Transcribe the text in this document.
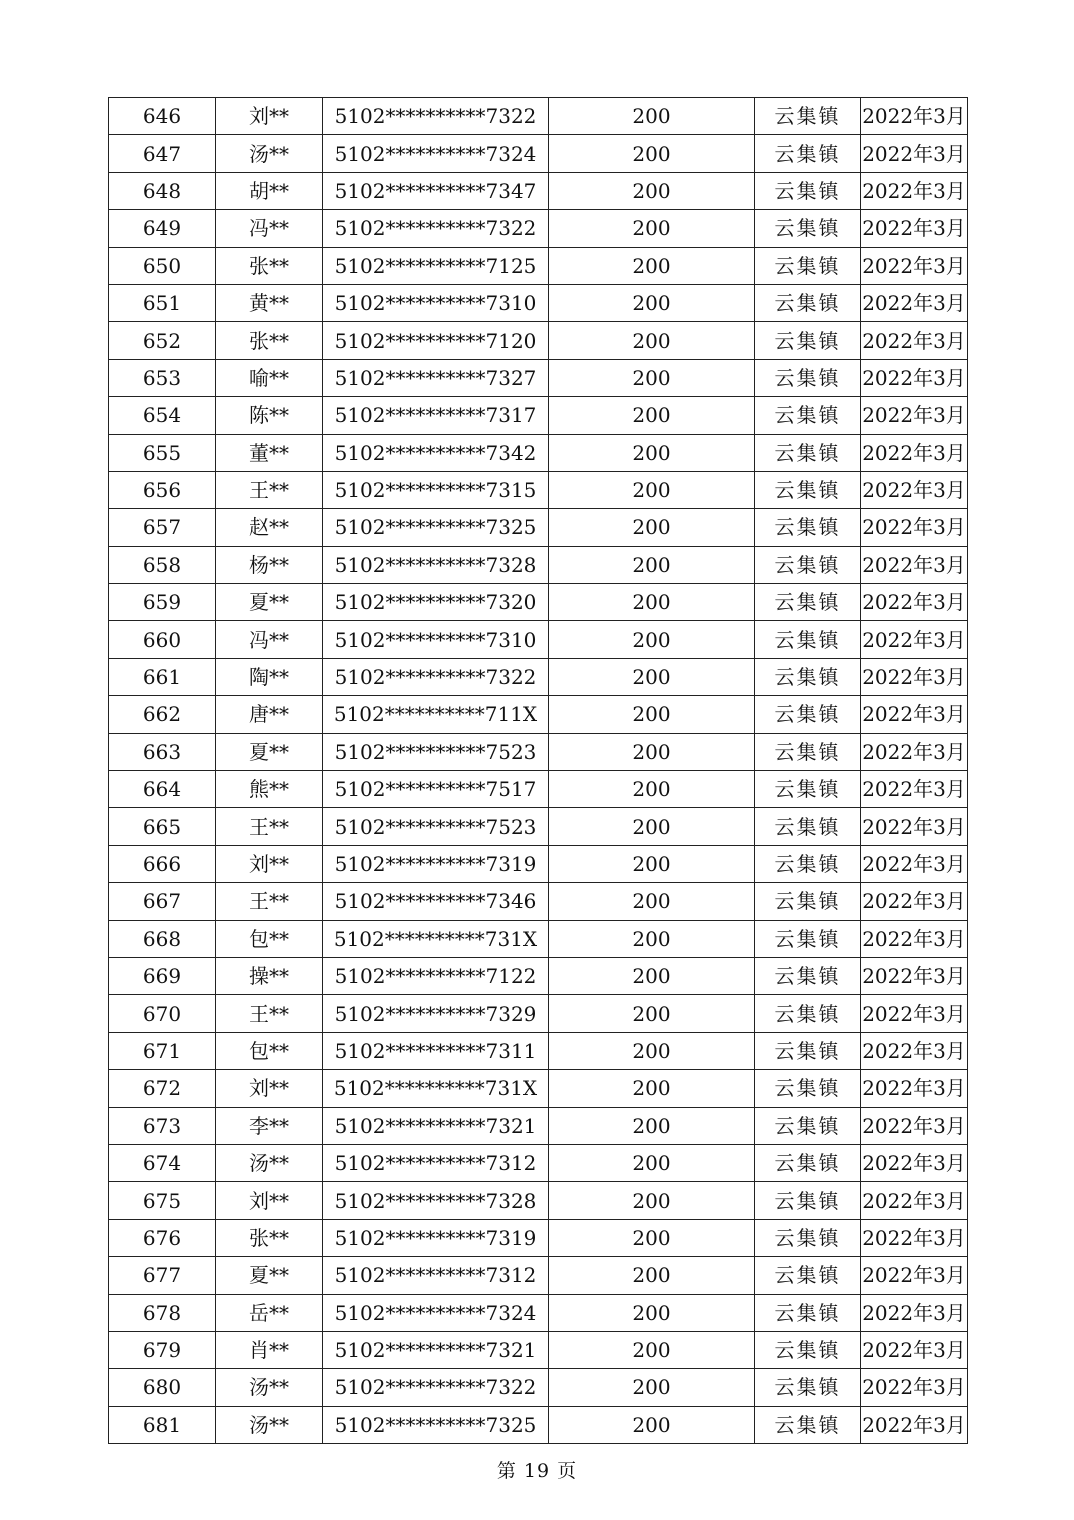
646	刘**	5102**********7322	200	云集镇	2022年3月
647	汤**	5102**********7324	200	云集镇	2022年3月
648	胡**	5102**********7347	200	云集镇	2022年3月
649	冯**	5102**********7322	200	云集镇	2022年3月
650	张**	5102**********7125	200	云集镇	2022年3月
651	黄**	5102**********7310	200	云集镇	2022年3月
652	张**	5102**********7120	200	云集镇	2022年3月
653	喻**	5102**********7327	200	云集镇	2022年3月
654	陈**	5102**********7317	200	云集镇	2022年3月
655	董**	5102**********7342	200	云集镇	2022年3月
656	王**	5102**********7315	200	云集镇	2022年3月
657	赵**	5102**********7325	200	云集镇	2022年3月
658	杨**	5102**********7328	200	云集镇	2022年3月
659	夏**	5102**********7320	200	云集镇	2022年3月
660	冯**	5102**********7310	200	云集镇	2022年3月
661	陶**	5102**********7322	200	云集镇	2022年3月
662	唐**	5102**********711X	200	云集镇	2022年3月
663	夏**	5102**********7523	200	云集镇	2022年3月
664	熊**	5102**********7517	200	云集镇	2022年3月
665	王**	5102**********7523	200	云集镇	2022年3月
666	刘**	5102**********7319	200	云集镇	2022年3月
667	王**	5102**********7346	200	云集镇	2022年3月
668	包**	5102**********731X	200	云集镇	2022年3月
669	操**	5102**********7122	200	云集镇	2022年3月
670	王**	5102**********7329	200	云集镇	2022年3月
671	包**	5102**********7311	200	云集镇	2022年3月
672	刘**	5102**********731X	200	云集镇	2022年3月
673	李**	5102**********7321	200	云集镇	2022年3月
674	汤**	5102**********7312	200	云集镇	2022年3月
675	刘**	5102**********7328	200	云集镇	2022年3月
676	张**	5102**********7319	200	云集镇	2022年3月
677	夏**	5102**********7312	200	云集镇	2022年3月
678	岳**	5102**********7324	200	云集镇	2022年3月
679	肖**	5102**********7321	200	云集镇	2022年3月
680	汤**	5102**********7322	200	云集镇	2022年3月
681	汤**	5102**********7325	200	云集镇	2022年3月
第 19 页
